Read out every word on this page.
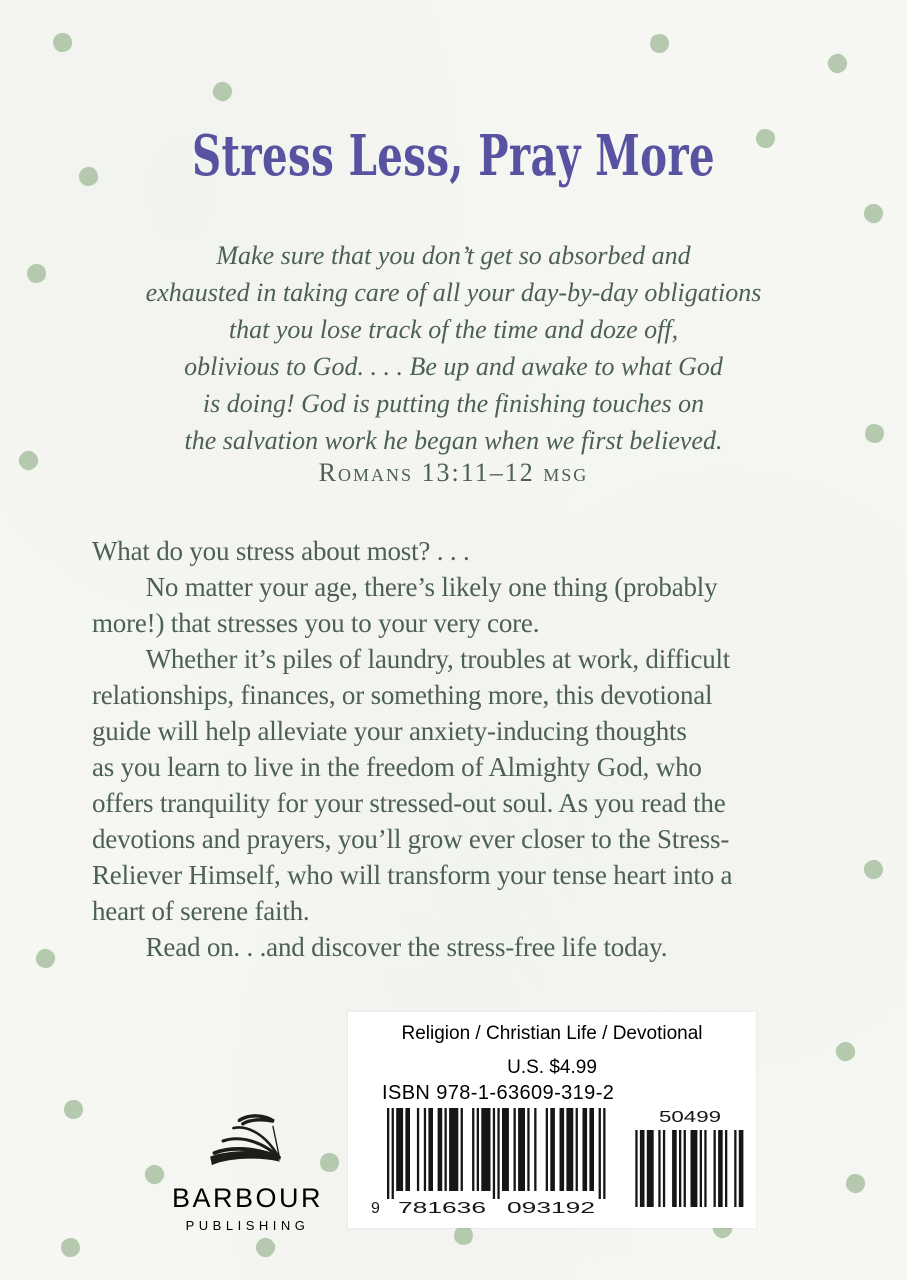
Stress Less, Pray More
Make sure that you don’t get so absorbed and
exhausted in taking care of all your day-by-day obligations
that you lose track of the time and doze off,
oblivious to God. . . . Be up and awake to what God
is doing! God is putting the finishing touches on
the salvation work he began when we first believed.
Romans 13:11–12 msg
What do you stress about most? . . .
  No matter your age, there’s likely one thing (probably
more!) that stresses you to your very core.
  Whether it’s piles of laundry, troubles at work, difficult
relationships, finances, or something more, this devotional
guide will help alleviate your anxiety-inducing thoughts
as you learn to live in the freedom of Almighty God, who
offers tranquility for your stressed-out soul. As you read the
devotions and prayers, you’ll grow ever closer to the Stress-
Reliever Himself, who will transform your tense heart into a
heart of serene faith.
  Read on. . .and discover the stress-free life today.
BARBOUR
PUBLISHING
Religion / Christian Life / Devotional
U.S. $4.99
ISBN 978-1-63609-319-2
9 781636 093192
50499
